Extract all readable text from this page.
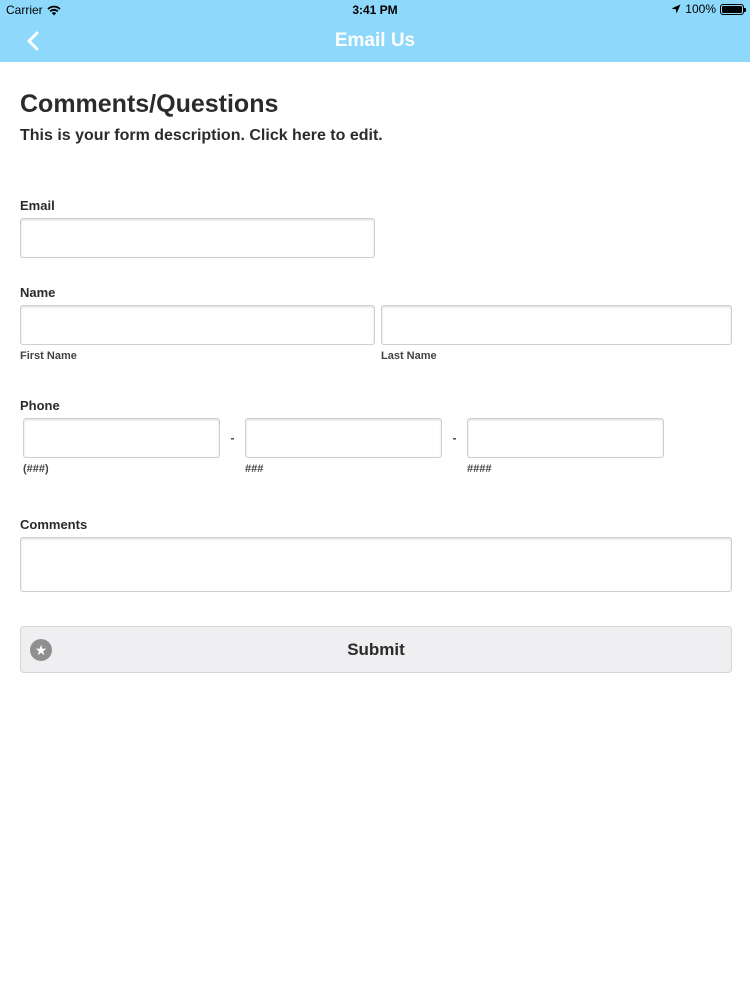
Carrier	3:41 PM	100%
Email Us
Comments/Questions
This is your form description. Click here to edit.
Email
Name
First Name	Last Name
Phone
(###)
-
###
-
####
Comments
★	Submit
